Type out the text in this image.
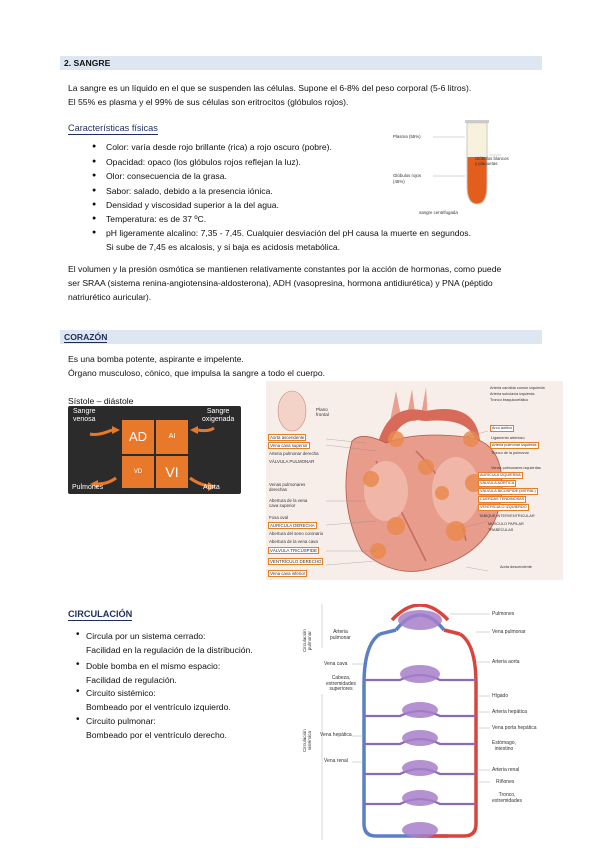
2. SANGRE
La sangre es un líquido en el que se suspenden las células. Supone el 6-8% del peso corporal (5-6 litros).
El 55% es plasma y el 99% de sus células son eritrocitos (glóbulos rojos).
Características físicas
● Color: varía desde rojo brillante (rica) a rojo oscuro (pobre).
● Opacidad: opaco (los glóbulos rojos reflejan la luz).
● Olor: consecuencia de la grasa.
● Sabor: salado, debido a la presencia iónica.
● Densidad y viscosidad superior a la del agua.
● Temperatura: es de 37 ºC.
● pH ligeramente alcalino: 7,35 - 7,45. Cualquier desviación del pH causa la muerte en segundos.
Si sube de 7,45 es alcalosis, y si baja es acidosis metabólica.
El volumen y la presión osmótica se mantienen relativamente constantes por la acción de hormonas, como puede
ser SRAA (sistema renina-angiotensina-aldosterona), ADH (vasopresina, hormona antidiurética) y PNA (péptido
natriurético auricular).
Plasma (55%)
Glóbulos blancos
y plaquetas
Glóbulos rojos
(45%)
sangre centrifugada
CORAZÓN
Es una bomba potente, aspirante e impelente.
Órgano musculoso, cónico, que impulsa la sangre a todo el cuerpo.
Sístole – diástole
AD	AI
VD	VI
Sangre
venosa
Sangre
oxigenada
Pulmones	Aorta
Plano
frontal
Aorta ascendente
Vena cava superior
Arteria pulmonar derecha
VÁLVULA PULMONAR
Venas pulmonares
derechas
Abertura de la vena
cava superior
Fosa oval
AURÍCULA DERECHA
Abertura del seno coronario
Abertura de la vena cava
VÁLVULA TRICÚSPIDE
VENTRÍCULO DERECHO
Vena cava inferior
Arteria carótida común izquierda
Arteria subclavia izquierda
Tronco braquiocefálico
Arco aórtico
Ligamento arterioso
Arteria pulmonar izquierda
Tronco de la pulmonar
Venas pulmonares izquierdas
AURÍCULA IZQUIERDA
VÁLVULA AÓRTICA
VÁLVULA BICÚSPIDE (MITRAL)
CUERDAS TENDINOSAS
VENTRÍCULO IZQUIERDO
TABIQUE INTERVENTRICULAR
MÚSCULO PAPILAR
TRABÉCULAS
Aorta descendente
CIRCULACIÓN
• Circula por un sistema cerrado:
Facilidad en la regulación de la distribución.
• Doble bomba en el mismo espacio:
Facilidad de regulación.
• Circuito sistémico:
Bombeado por el ventrículo izquierdo.
• Circuito pulmonar:
Bombeado por el ventrículo derecho.
Circulación
pulmonar
Circulación
sistémica
Arteria
pulmonar
Vena cava
Cabeza,
extremidades
superiores
Vena hepática
Vena renal
Pulmones
Vena pulmonar
Arteria aorta
Hígado
Arteria hepática
Vena porta hepática
Estómago,
intestino
Arteria renal
Riñones
Tronco,
extremidades
